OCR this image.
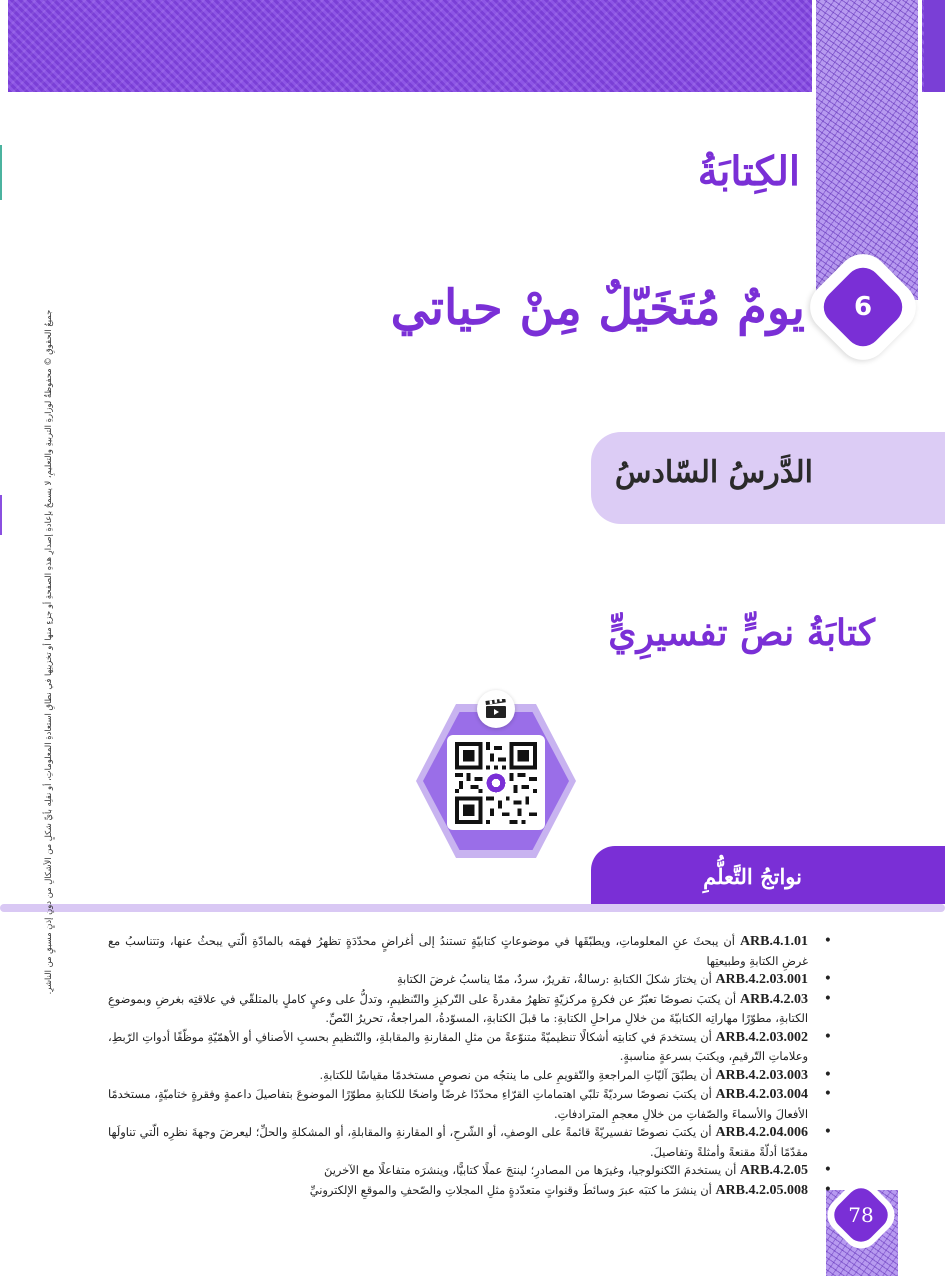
الكِتابَةُ
6
يومٌ مُتَخَيّلٌ مِنْ حياتي
الدَّرسُ السّادسُ
كتابَةُ نصٍّ تفسيرِيٍّ
نواتجُ التَّعلُّمِ
• ARB.4.1.01 أن يبحثَ عنِ المعلوماتِ، ويطبّقَها في موضوعاتٍ كتابيّةٍ تستندُ إلى أغراضٍ محدّدَةٍ تظهرُ فهمَه بالمادّةِ الّتي يبحثُ عنها، وتتناسبُ مع غرضِ الكتابةِ وطبيعتِها
• ARB.4.2.03.001 أن يختارَ شكلَ الكتابةِ :رسالةٌ، تقريرٌ، سردٌ، ممّا يناسبُ غرضَ الكتابةِ
• ARB.4.2.03 أن يكتبَ نصوصًا تعبّرُ عن فكرةٍ مركزيّةٍ تظهرُ مقدرةً على التّركيزِ والتّنظيمِ، وتدلُّ على وعيٍ كاملٍ بالمتلقّي في علاقتِه بغرضِ وبموضوعِ الكتابةِ، مطوّرًا مهاراتِه الكتابيّةَ من خلالِ مراحلِ الكتابةِ: ما قبلَ الكتابةِ، المسوّدةُ، المراجعةُ، تحريرُ النّصِّ.
• ARB.4.2.03.002 أن يستخدمَ في كتابتِه أشكالًا تنظيميّةً متنوّعةً من مثلِ المقارنةِ والمقابلةِ، والتّنظيمِ بحسبِ الأصنافِ أو الأهمّيّةِ موظّفًا أدواتِ الرّبطِ، وعلاماتِ التّرقيمِ، ويكتبَ بسرعةٍ مناسبةٍ.
• ARB.4.2.03.003 أن يطبّقَ آليّاتِ المراجعةِ والتّقويمِ على ما ينتجُه من نصوصٍ مستخدمًا مقياسًا للكتابةِ.
• ARB.4.2.03.004 أن يكتبَ نصوصًا سرديّةً تلبّي اهتماماتِ القرّاءِ محدّدًا غرضًا واضحًا للكتابةِ مطوّرًا الموضوعَ بتفاصيلَ داعمةٍ وفقرةٍ ختاميّةٍ، مستخدمًا الأفعالَ والأسماءَ والصّفاتِ من خلالِ معجمِ المترادفاتِ.
• ARB.4.2.04.006 أن يكتبَ نصوصًا تفسيريّةً قائمةً على الوصفِ، أو الشّرحِ، أو المقارنةِ والمقابلةِ، أو المشكلةِ والحلِّ؛ ليعرضَ وجهةَ نظرِه الّتي تناولَها مقدّمًا أدلّةً مقنعةً وأمثلةً وتفاصيلَ.
• ARB.4.2.05 أن يستخدمَ التّكنولوجيا، وغيرَها من المصادرِ؛ لينتجَ عملًا كتابيًّا، وينشرَه متفاعلًا مع الآخرينَ
• ARB.4.2.05.008 أن ينشرَ ما كتبَه عبرَ وسائطَ وقنواتٍ متعدّدةٍ مثلِ المجلاتِ والصّحفِ والموقعِ الإلكترونيِّ
جميعُ الحقوقِ © محفوظةٌ لوزارةِ التربيةِ والتعليمِ، لا يسمحُ بإعادةِ إصدارِ هذهِ الصفحةِ أو جزءٍ منها أو تخزينِها في نطاقِ استعادةِ المعلوماتِ، أو نقلِه بأيِّ شكلٍ من الأشكالِ من دونِ إذنٍ مسبقٍ من الناشرِ.
78
